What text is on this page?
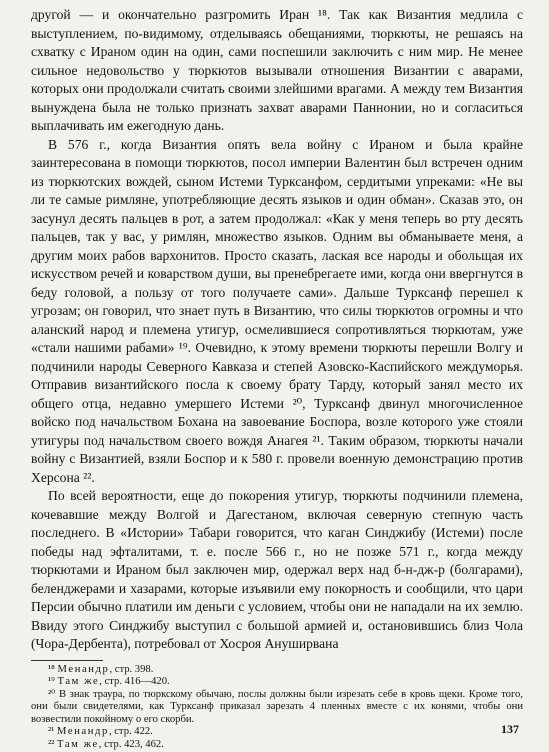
другой — и окончательно разгромить Иран ¹⁸. Так как Византия медлила с выступлением, по-видимому, отделываясь обещаниями, тюркюты, не решаясь на схватку с Ираном один на один, сами поспешили заключить с ним мир. Не менее сильное недовольство у тюркютов вызывали отношения Византии с аварами, которых они продолжали считать своими злейшими врагами. А между тем Византия вынуждена была не только признать захват аварами Паннонии, но и согласиться выплачивать им ежегодную дань.

В 576 г., когда Византия опять вела войну с Ираном и была крайне заинтересована в помощи тюркютов, посол империи Валентин был встречен одним из тюркютских вождей, сыном Истеми Турксанфом, сердитыми упреками: «Не вы ли те самые римляне, употребляющие десять языков и один обман». Сказав это, он засунул десять пальцев в рот, а затем продолжал: «Как у меня теперь во рту десять пальцев, так у вас, у римлян, множество языков. Одним вы обманываете меня, а другим моих рабов вархонитов. Просто сказать, лаская все народы и обольщая их искусством речей и коварством души, вы пренебрегаете ими, когда они ввергнутся в беду головой, а пользу от того получаете сами». Дальше Турксанф перешел к угрозам; он говорил, что знает путь в Византию, что силы тюркютов огромны и что аланский народ и племена утигур, осмелившиеся сопротивляться тюркютам, уже «стали нашими рабами» ¹⁹. Очевидно, к этому времени тюркюты перешли Волгу и подчинили народы Северного Кавказа и степей Азовско-Каспийского междуморья. Отправив византийского посла к своему брату Тарду, который занял место их общего отца, недавно умершего Истеми ²⁰, Турксанф двинул многочисленное войско под начальством Бохана на завоевание Боспора, возле которого уже стояли утигуры под начальством своего вождя Анагея ²¹. Таким образом, тюркюты начали войну с Византией, взяли Боспор и к 580 г. провели военную демонстрацию против Херсона ²².

По всей вероятности, еще до покорения утигур, тюркюты подчинили племена, кочевавшие между Волгой и Дагестаном, включая северную степную часть последнего. В «Истории» Табари говорится, что каган Синджибу (Истеми) после победы над эфталитами, т. е. после 566 г., но не позже 571 г., когда между тюркютами и Ираном был заключен мир, одержал верх над б-н-дж-р (болгарами), беленджерами и хазарами, которые изъявили ему покорность и сообщили, что цари Персии обычно платили им деньги с условием, чтобы они не нападали на их землю. Ввиду этого Синджибу выступил с большой армией и, остановившись близ Чола (Чора-Дербента), потребовал от Хосроя Ануширвана

¹⁸ Менандр, стр. 398.

¹⁹ Там же, стр. 416—420.

²⁰ В знак траура, по тюркскому обычаю, послы должны были изрезать себе в кровь щеки. Кроме того, они были свидетелями, как Турксанф приказал зарезать 4 пленных вместе с их конями, чтобы они возвестили покойному о его скорби.

²¹ Менандр, стр. 422.

²² Там же, стр. 423, 462.

137
